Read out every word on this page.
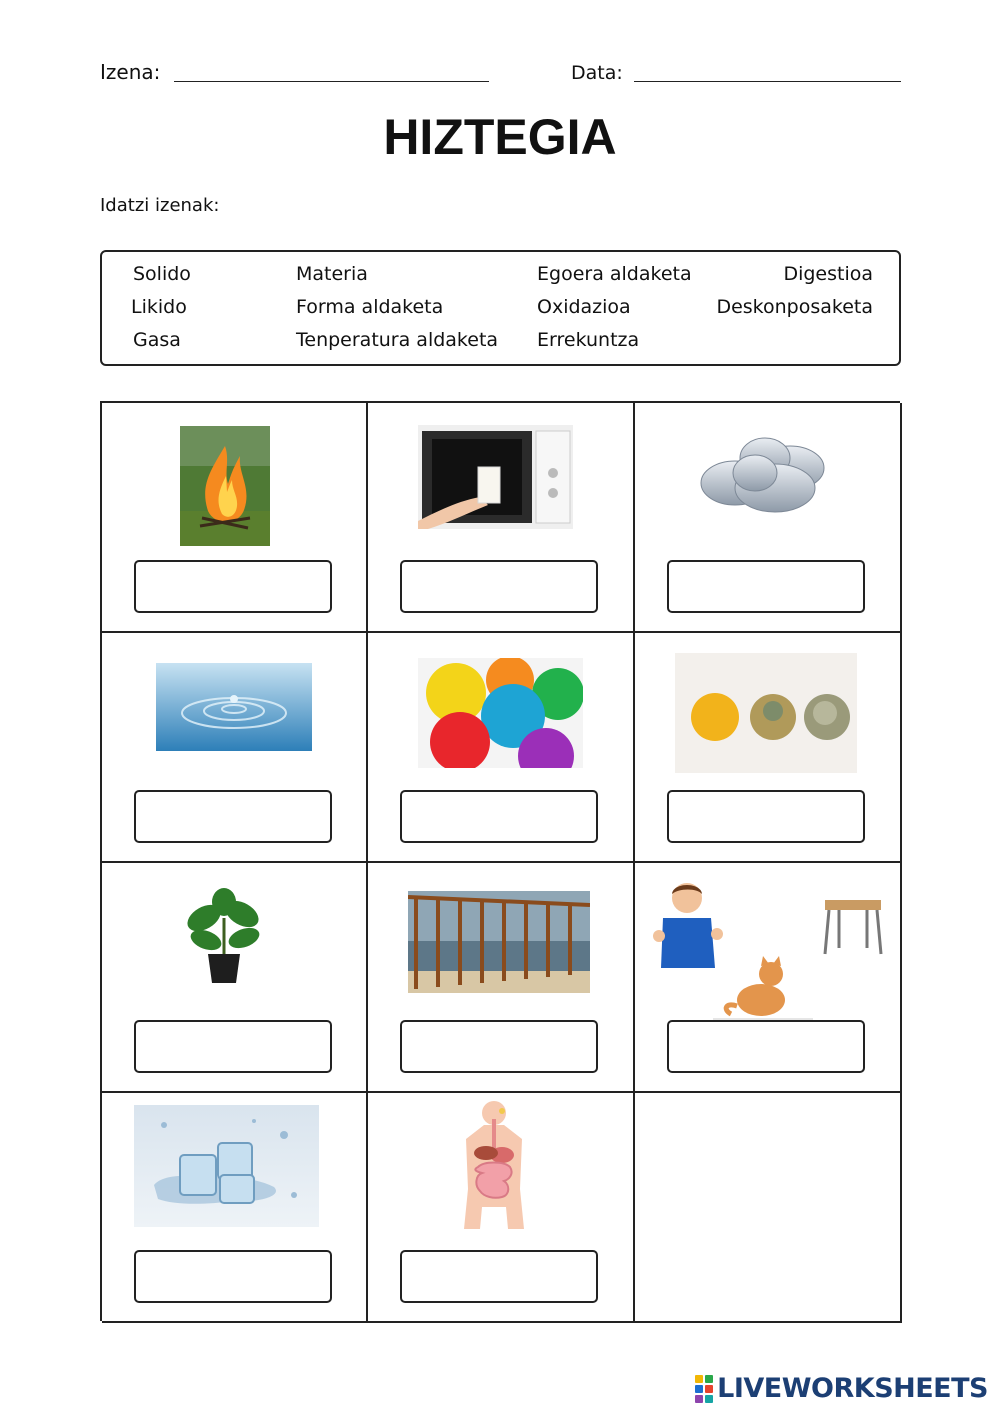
Izena:	Data:
HIZTEGIA
Idatzi izenak:
Solido
Likido
Gasa
Materia
Forma aldaketa
Tenperatura aldaketa
Egoera aldaketa
Oxidazioa
Errekuntza
Digestioa
Deskonposaketa
LIVEWORKSHEETS
